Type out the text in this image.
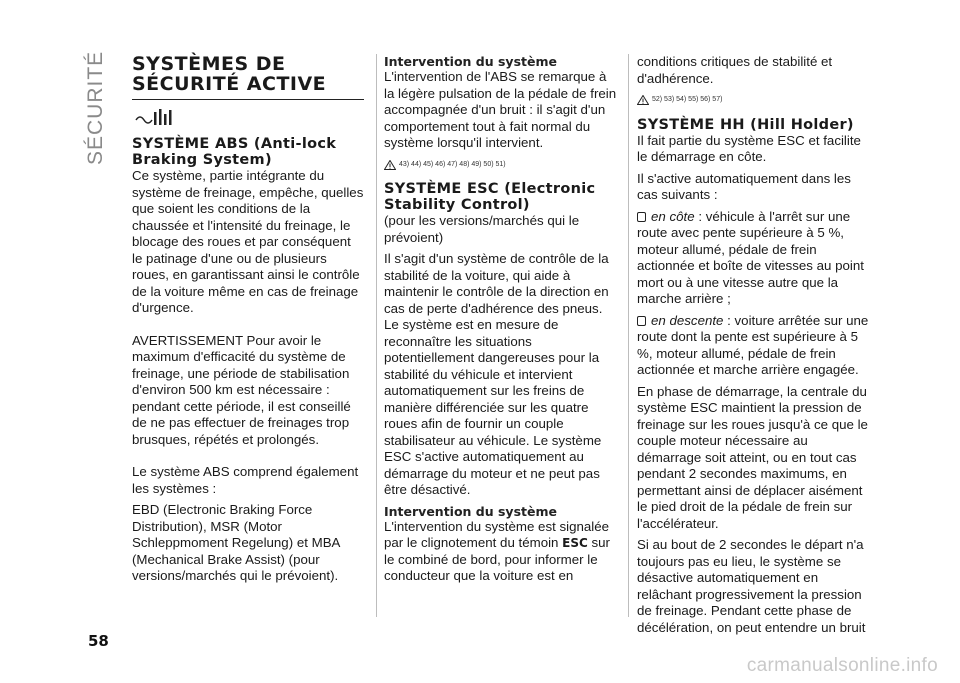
SÉCURITÉ SYSTÈMES DE SÉCURITÉ ACTIVE
SYSTÈME ABS (Anti-lock Braking System)

Ce système, partie intégrante du système de freinage, empêche, quelles que soient les conditions de la chaussée et l'intensité du freinage, le blocage des roues et par conséquent le patinage d'une ou de plusieurs roues, en garantissant ainsi le contrôle de la voiture même en cas de freinage d'urgence.

AVERTISSEMENT Pour avoir le maximum d'efficacité du système de freinage, une période de stabilisation d'environ 500 km est nécessaire : pendant cette période, il est conseillé de ne pas effectuer de freinages trop brusques, répétés et prolongés.

Le système ABS comprend également les systèmes :

EBD (Electronic Braking Force Distribution), MSR (Motor Schleppmoment Regelung) et MBA (Mechanical Brake Assist) (pour versions/marchés qui le prévoient).

Intervention du système

L'intervention de l'ABS se remarque à la légère pulsation de la pédale de frein accompagnée d'un bruit : il s'agit d'un comportement tout à fait normal du système lorsqu'il intervient.

43) 44) 45) 46) 47) 48) 49) 50) 51)
SYSTÈME ESC (Electronic Stability Control)

(pour les versions/marchés qui le prévoient)

Il s'agit d'un système de contrôle de la stabilité de la voiture, qui aide à maintenir le contrôle de la direction en cas de perte d'adhérence des pneus. Le système est en mesure de reconnaître les situations potentiellement dangereuses pour la stabilité du véhicule et intervient automatiquement sur les freins de manière différenciée sur les quatre roues afin de fournir un couple stabilisateur au véhicule. Le système ESC s'active automatiquement au démarrage du moteur et ne peut pas être désactivé.

Intervention du système

L'intervention du système est signalée par le clignotement du témoin ESC sur le combiné de bord, pour informer le conducteur que la voiture est en

conditions critiques de stabilité et d'adhérence.

52) 53) 54) 55) 56) 57)
SYSTÈME HH (Hill Holder)

Il fait partie du système ESC et facilite le démarrage en côte.

Il s'active automatiquement dans les cas suivants :

en côte : véhicule à l'arrêt sur une route avec pente supérieure à 5 %, moteur allumé, pédale de frein actionnée et boîte de vitesses au point mort ou à une vitesse autre que la marche arrière ;

en descente : voiture arrêtée sur une route dont la pente est supérieure à 5 %, moteur allumé, pédale de frein actionnée et marche arrière engagée.

En phase de démarrage, la centrale du système ESC maintient la pression de freinage sur les roues jusqu'à ce que le couple moteur nécessaire au démarrage soit atteint, ou en tout cas pendant 2 secondes maximums, en permettant ainsi de déplacer aisément le pied droit de la pédale de frein sur l'accélérateur.

Si au bout de 2 secondes le départ n'a toujours pas eu lieu, le système se désactive automatiquement en relâchant progressivement la pression de freinage. Pendant cette phase de décélération, on peut entendre un bruit

58
carmanualsonline.info
